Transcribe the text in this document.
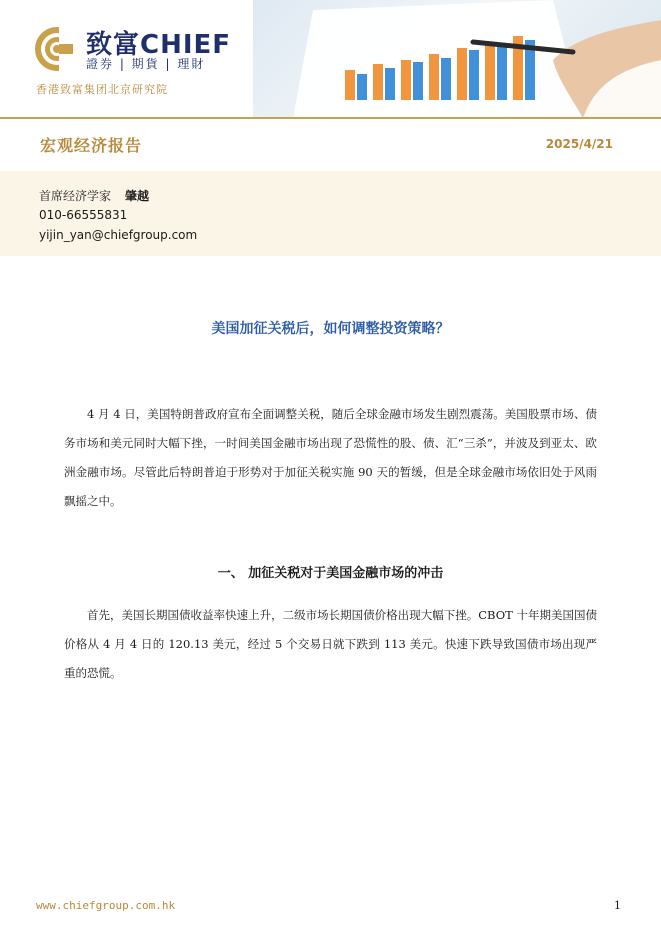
致富CHIEF
證券 | 期貨 | 理財
香港致富集团北京研究院
宏观经济报告	2025/4/21
首席经济学家 肇越
010-66555831
yijin_yan@chiefgroup.com
美国加征关税后，如何调整投资策略？

4 月 4 日，美国特朗普政府宣布全面调整关税，随后全球金融市场发生剧烈震荡。美国股票市场、债务市场和美元同时大幅下挫，一时间美国金融市场出现了恐慌性的股、债、汇“三杀”，并波及到亚太、欧洲金融市场。尽管此后特朗普迫于形势对于加征关税实施 90 天的暂缓，但是全球金融市场依旧处于风雨飘摇之中。

一、 加征关税对于美国金融市场的冲击

首先，美国长期国债收益率快速上升，二级市场长期国债价格出现大幅下挫。CBOT 十年期美国国债价格从 4 月 4 日的 120.13 美元，经过 5 个交易日就下跌到 113 美元。快速下跌导致国债市场出现严重的恐慌。

www.chiefgroup.com.hk	1
